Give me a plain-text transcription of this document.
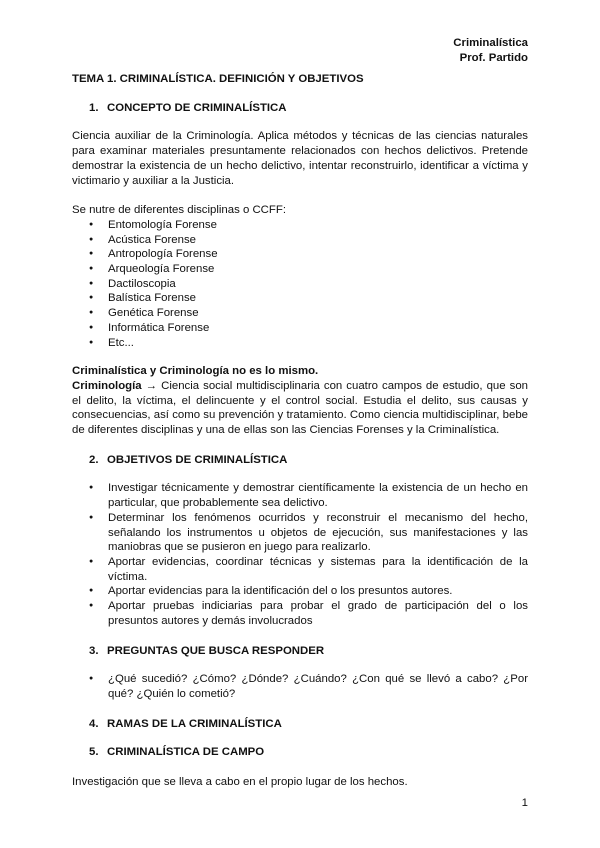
Criminalística
Prof. Partido

TEMA 1. CRIMINALÍSTICA. DEFINICIÓN Y OBJETIVOS

1. CONCEPTO DE CRIMINALÍSTICA

Ciencia auxiliar de la Criminología. Aplica métodos y técnicas de las ciencias naturales para examinar materiales presuntamente relacionados con hechos delictivos. Pretende demostrar la existencia de un hecho delictivo, intentar reconstruirlo, identificar a víctima y victimario y auxiliar a la Justicia.

Se nutre de diferentes disciplinas o CCFF:

● Entomología Forense
● Acústica Forense
● Antropología Forense
● Arqueología Forense
● Dactiloscopia
● Balística Forense
● Genética Forense
● Informática Forense
● Etc...

Criminalística y Criminología no es lo mismo.

Criminología → Ciencia social multidisciplinaria con cuatro campos de estudio, que son el delito, la víctima, el delincuente y el control social. Estudia el delito, sus causas y consecuencias, así como su prevención y tratamiento. Como ciencia multidisciplinar, bebe de diferentes disciplinas y una de ellas son las Ciencias Forenses y la Criminalística.

2. OBJETIVOS DE CRIMINALÍSTICA
● Investigar técnicamente y demostrar científicamente la existencia de un hecho en particular, que probablemente sea delictivo.
● Determinar los fenómenos ocurridos y reconstruir el mecanismo del hecho, señalando los instrumentos u objetos de ejecución, sus manifestaciones y las maniobras que se pusieron en juego para realizarlo.
● Aportar evidencias, coordinar técnicas y sistemas para la identificación de la víctima.
● Aportar evidencias para la identificación del o los presuntos autores.
● Aportar pruebas indiciarias para probar el grado de participación del o los presuntos autores y demás involucrados
3. PREGUNTAS QUE BUSCA RESPONDER
● ¿Qué sucedió? ¿Cómo? ¿Dónde? ¿Cuándo? ¿Con qué se llevó a cabo? ¿Por qué? ¿Quién lo cometió?
4. RAMAS DE LA CRIMINALÍSTICA
5. CRIMINALÍSTICA DE CAMPO

Investigación que se lleva a cabo en el propio lugar de los hechos.

1
